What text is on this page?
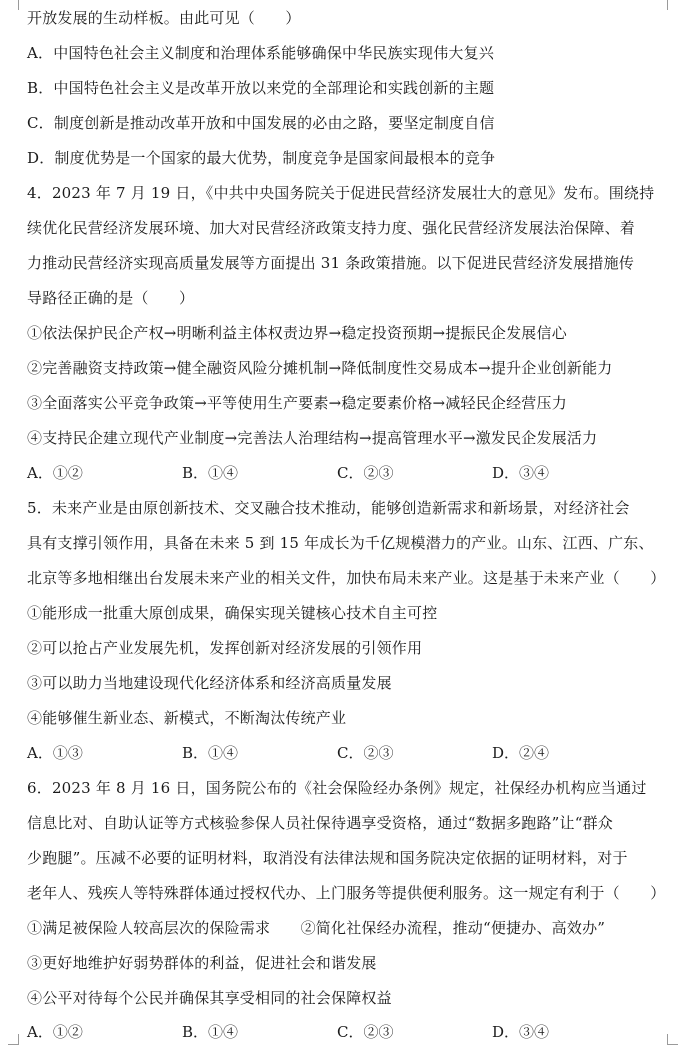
开放发展的生动样板。由此可见（　　）
A．中国特色社会主义制度和治理体系能够确保中华民族实现伟大复兴
B．中国特色社会主义是改革开放以来党的全部理论和实践创新的主题
C．制度创新是推动改革开放和中国发展的必由之路，要坚定制度自信
D．制度优势是一个国家的最大优势，制度竞争是国家间最根本的竞争
4．2023 年 7 月 19 日，《中共中央国务院关于促进民营经济发展壮大的意见》发布。围绕持
续优化民营经济发展环境、加大对民营经济政策支持力度、强化民营经济发展法治保障、着
力推动民营经济实现高质量发展等方面提出 31 条政策措施。以下促进民营经济发展措施传
导路径正确的是（　　）
①依法保护民企产权→明晰利益主体权责边界→稳定投资预期→提振民企发展信心
②完善融资支持政策→健全融资风险分摊机制→降低制度性交易成本→提升企业创新能力
③全面落实公平竞争政策→平等使用生产要素→稳定要素价格→减轻民企经营压力
④支持民企建立现代产业制度→完善法人治理结构→提高管理水平→激发民企发展活力
A．①②	B．①④	C．②③	D．③④
5．未来产业是由原创新技术、交叉融合技术推动，能够创造新需求和新场景，对经济社会
具有支撑引领作用，具备在未来 5 到 15 年成长为千亿规模潜力的产业。山东、江西、广东、
北京等多地相继出台发展未来产业的相关文件，加快布局未来产业。这是基于未来产业（　　）
①能形成一批重大原创成果，确保实现关键核心技术自主可控
②可以抢占产业发展先机，发挥创新对经济发展的引领作用
③可以助力当地建设现代化经济体系和经济高质量发展
④能够催生新业态、新模式，不断淘汰传统产业
A．①③	B．①④	C．②③	D．②④
6．2023 年 8 月 16 日，国务院公布的《社会保险经办条例》规定，社保经办机构应当通过
信息比对、自助认证等方式核验参保人员社保待遇享受资格，通过“数据多跑路”让“群众
少跑腿”。压减不必要的证明材料，取消没有法律法规和国务院决定依据的证明材料，对于
老年人、残疾人等特殊群体通过授权代办、上门服务等提供便利服务。这一规定有利于（　　）
①满足被保险人较高层次的保险需求　　②简化社保经办流程，推动“便捷办、高效办”
③更好地维护好弱势群体的利益，促进社会和谐发展
④公平对待每个公民并确保其享受相同的社会保障权益
A．①②	B．①④	C．②③	D．③④
